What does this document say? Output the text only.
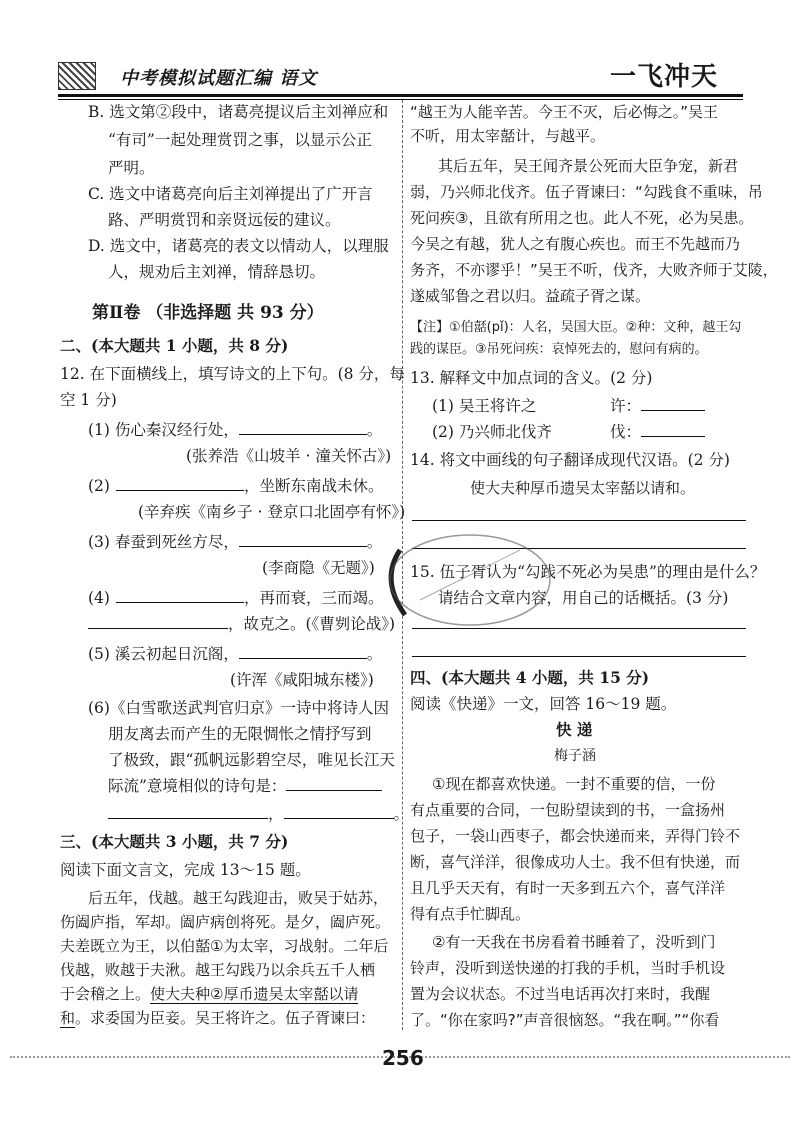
中考模拟试题汇编 语文	一飞冲天
B. 选文第②段中，诸葛亮提议后主刘禅应和
“有司”一起处理赏罚之事，以显示公正
严明。
C. 选文中诸葛亮向后主刘禅提出了广开言
路、严明赏罚和亲贤远佞的建议。
D. 选文中，诸葛亮的表文以情动人，以理服
人，规劝后主刘禅，情辞恳切。
第Ⅱ卷 （非选择题 共 93 分）
二、(本大题共 1 小题，共 8 分)
12. 在下面横线上，填写诗文的上下句。(8 分，每
空 1 分)
(1) 伤心秦汉经行处，	。
(张养浩《山坡羊 · 潼关怀古》)
(2)	，坐断东南战未休。
(辛弃疾《南乡子 · 登京口北固亭有怀》)
(3) 春蚕到死丝方尽，	。
(李商隐《无题》)
(4)	，再而衰，三而竭。
，故克之。(《曹刿论战》)
(5) 溪云初起日沉阁，	。
(许浑《咸阳城东楼》)
(6)《白雪歌送武判官归京》一诗中将诗人因
朋友离去而产生的无限惆怅之情抒写到
了极致，跟“孤帆远影碧空尽，唯见长江天
际流”意境相似的诗句是：
，	。
三、(本大题共 3 小题，共 7 分)
阅读下面文言文，完成 13～15 题。
后五年，伐越。越王勾践迎击，败吴于姑苏，
伤阖庐指，军却。阖庐病创将死。是夕，阖庐死。
夫差既立为王，以伯嚭①为太宰，习战射。二年后
伐越，败越于夫湫。越王勾践乃以余兵五千人栖
于会稽之上。使大夫种②厚币遗吴太宰嚭以请
和。求委国为臣妾。吴王将许之。伍子胥谏曰：
“越王为人能辛苦。今王不灭，后必悔之。”吴王
不听，用太宰嚭计，与越平。
其后五年，吴王闻齐景公死而大臣争宠，新君
弱，乃兴师北伐齐。伍子胥谏曰：“勾践食不重味，吊
死问疾③，且欲有所用之也。此人不死，必为吴患。
今吴之有越，犹人之有腹心疾也。而王不先越而乃
务齐，不亦谬乎！”吴王不听，伐齐，大败齐师于艾陵，
遂威邹鲁之君以归。益疏子胥之谋。
【注】①伯嚭(pǐ)：人名，吴国大臣。②种：文种，越王勾
践的谋臣。③吊死问疾：哀悼死去的，慰问有病的。
13. 解释文中加点词的含义。(2 分)
(1) 吴王将许之	许：
(2) 乃兴师北伐齐	伐：
14. 将文中画线的句子翻译成现代汉语。(2 分)
使大夫种厚币遗吴太宰嚭以请和。
15. 伍子胥认为“勾践不死必为吴患”的理由是什么？
请结合文章内容，用自己的话概括。(3 分)
四、(本大题共 4 小题，共 15 分)
阅读《快递》一文，回答 16～19 题。
快 递
梅子涵
①现在都喜欢快递。一封不重要的信，一份
有点重要的合同，一包盼望读到的书，一盒扬州
包子，一袋山西枣子，都会快递而来，弄得门铃不
断，喜气洋洋，很像成功人士。我不但有快递，而
且几乎天天有，有时一天多到五六个，喜气洋洋
得有点手忙脚乱。
②有一天我在书房看着书睡着了，没听到门
铃声，没听到送快递的打我的手机，当时手机设
置为会议状态。不过当电话再次打来时，我醒
了。“你在家吗?”声音很恼怒。“我在啊。”“你看
256
